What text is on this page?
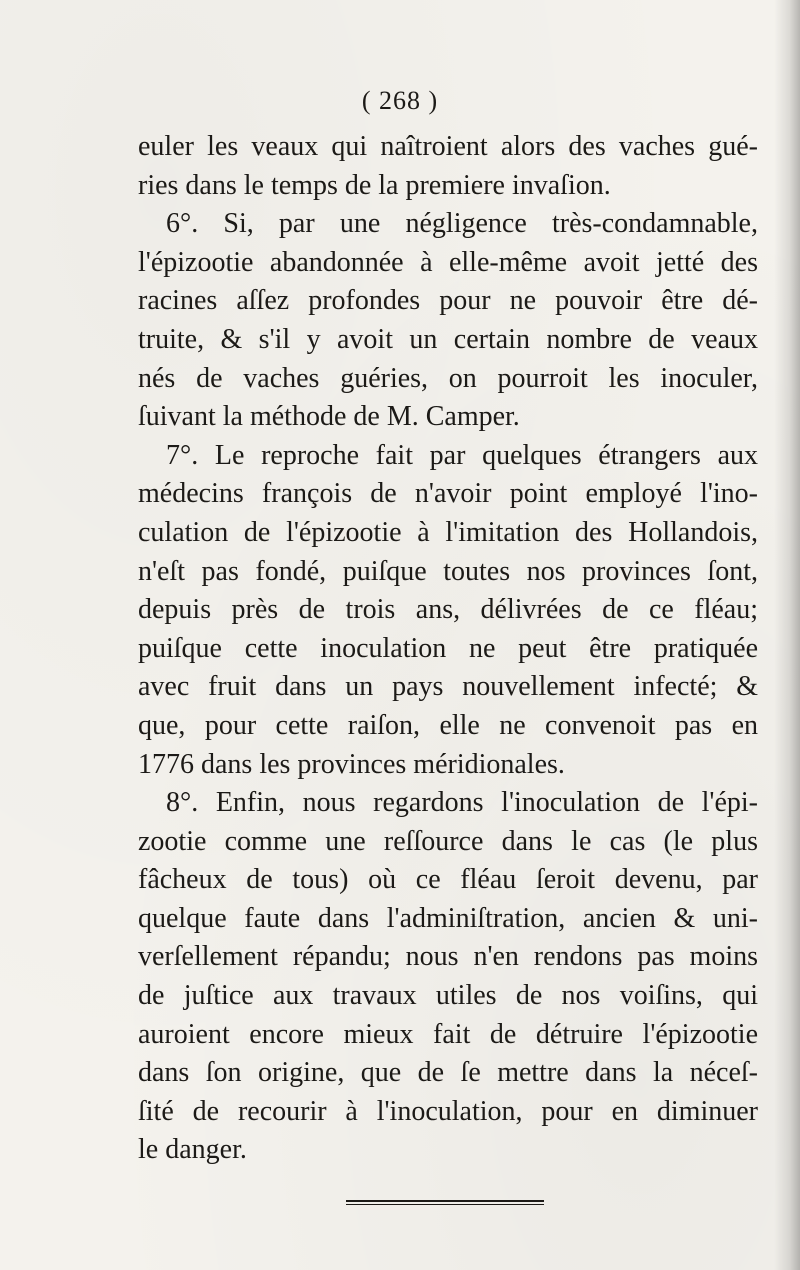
( 268 )
euler les veaux qui naîtroient alors des vaches gué-
ries dans le temps de la premiere invaſion.
6°. Si, par une négligence très-condamnable,
l'épizootie abandonnée à elle-même avoit jetté des
racines aſſez profondes pour ne pouvoir être dé-
truite, & s'il y avoit un certain nombre de veaux
nés de vaches guéries, on pourroit les inoculer,
ſuivant la méthode de M. Camper.
7°. Le reproche fait par quelques étrangers aux
médecins françois de n'avoir point employé l'ino-
culation de l'épizootie à l'imitation des Hollandois,
n'eſt pas fondé, puiſque toutes nos provinces ſont,
depuis près de trois ans, délivrées de ce fléau;
puiſque cette inoculation ne peut être pratiquée
avec fruit dans un pays nouvellement infecté; &
que, pour cette raiſon, elle ne convenoit pas en
1776 dans les provinces méridionales.
8°. Enfin, nous regardons l'inoculation de l'épi-
zootie comme une reſſource dans le cas (le plus
fâcheux de tous) où ce fléau ſeroit devenu, par
quelque faute dans l'adminiſtration, ancien & uni-
verſellement répandu; nous n'en rendons pas moins
de juſtice aux travaux utiles de nos voiſins, qui
auroient encore mieux fait de détruire l'épizootie
dans ſon origine, que de ſe mettre dans la néceſ-
ſité de recourir à l'inoculation, pour en diminuer
le danger.
